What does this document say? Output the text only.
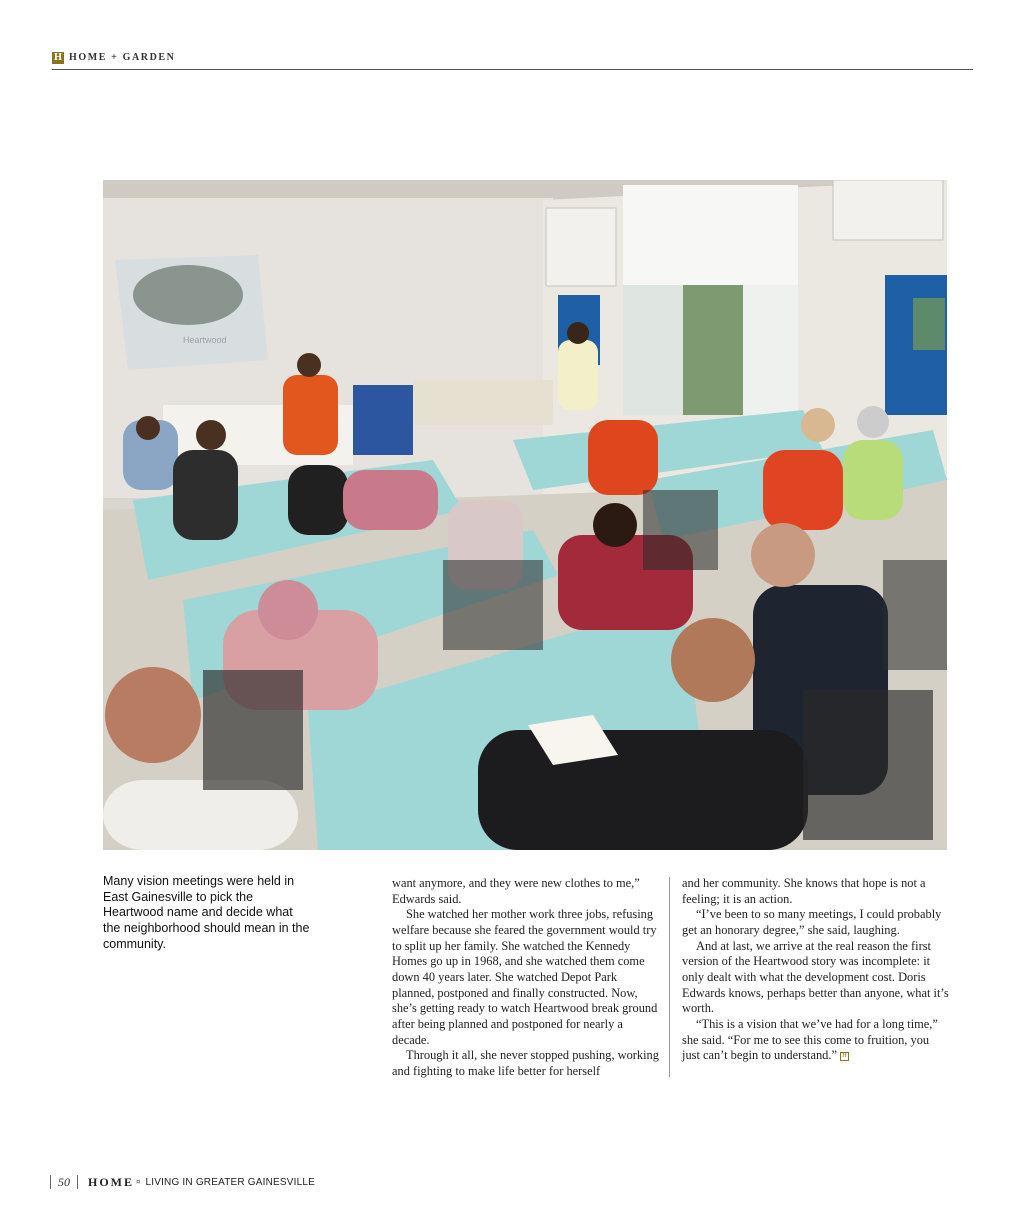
H HOME + GARDEN
Heartwood
Many vision meetings were held in East Gainesville to pick the Heartwood name and decide what the neighborhood should mean in the community.

want anymore, and they were new clothes to me,” Edwards said.

She watched her mother work three jobs, refusing welfare because she feared the government would try to split up her family. She watched the Kennedy Homes go up in 1968, and she watched them come down 40 years later. She watched Depot Park planned, postponed and finally constructed. Now, she’s getting ready to watch Heartwood break ground after being planned and postponed for nearly a decade.

Through it all, she never stopped pushing, working and fighting to make life better for herself

and her community. She knows that hope is not a feeling; it is an action.

“I’ve been to so many meetings, I could probably get an honorary degree,” she said, laughing.

And at last, we arrive at the real reason the first version of the Heartwood story was incomplete: it only dealt with what the development cost. Doris Edwards knows, perhaps better than anyone, what it’s worth.

“This is a vision that we’ve had for a long time,” she said. “For me to see this come to fruition, you just can’t begin to understand.” H

50 HOME ¤ LIVING IN GREATER GAINESVILLE
